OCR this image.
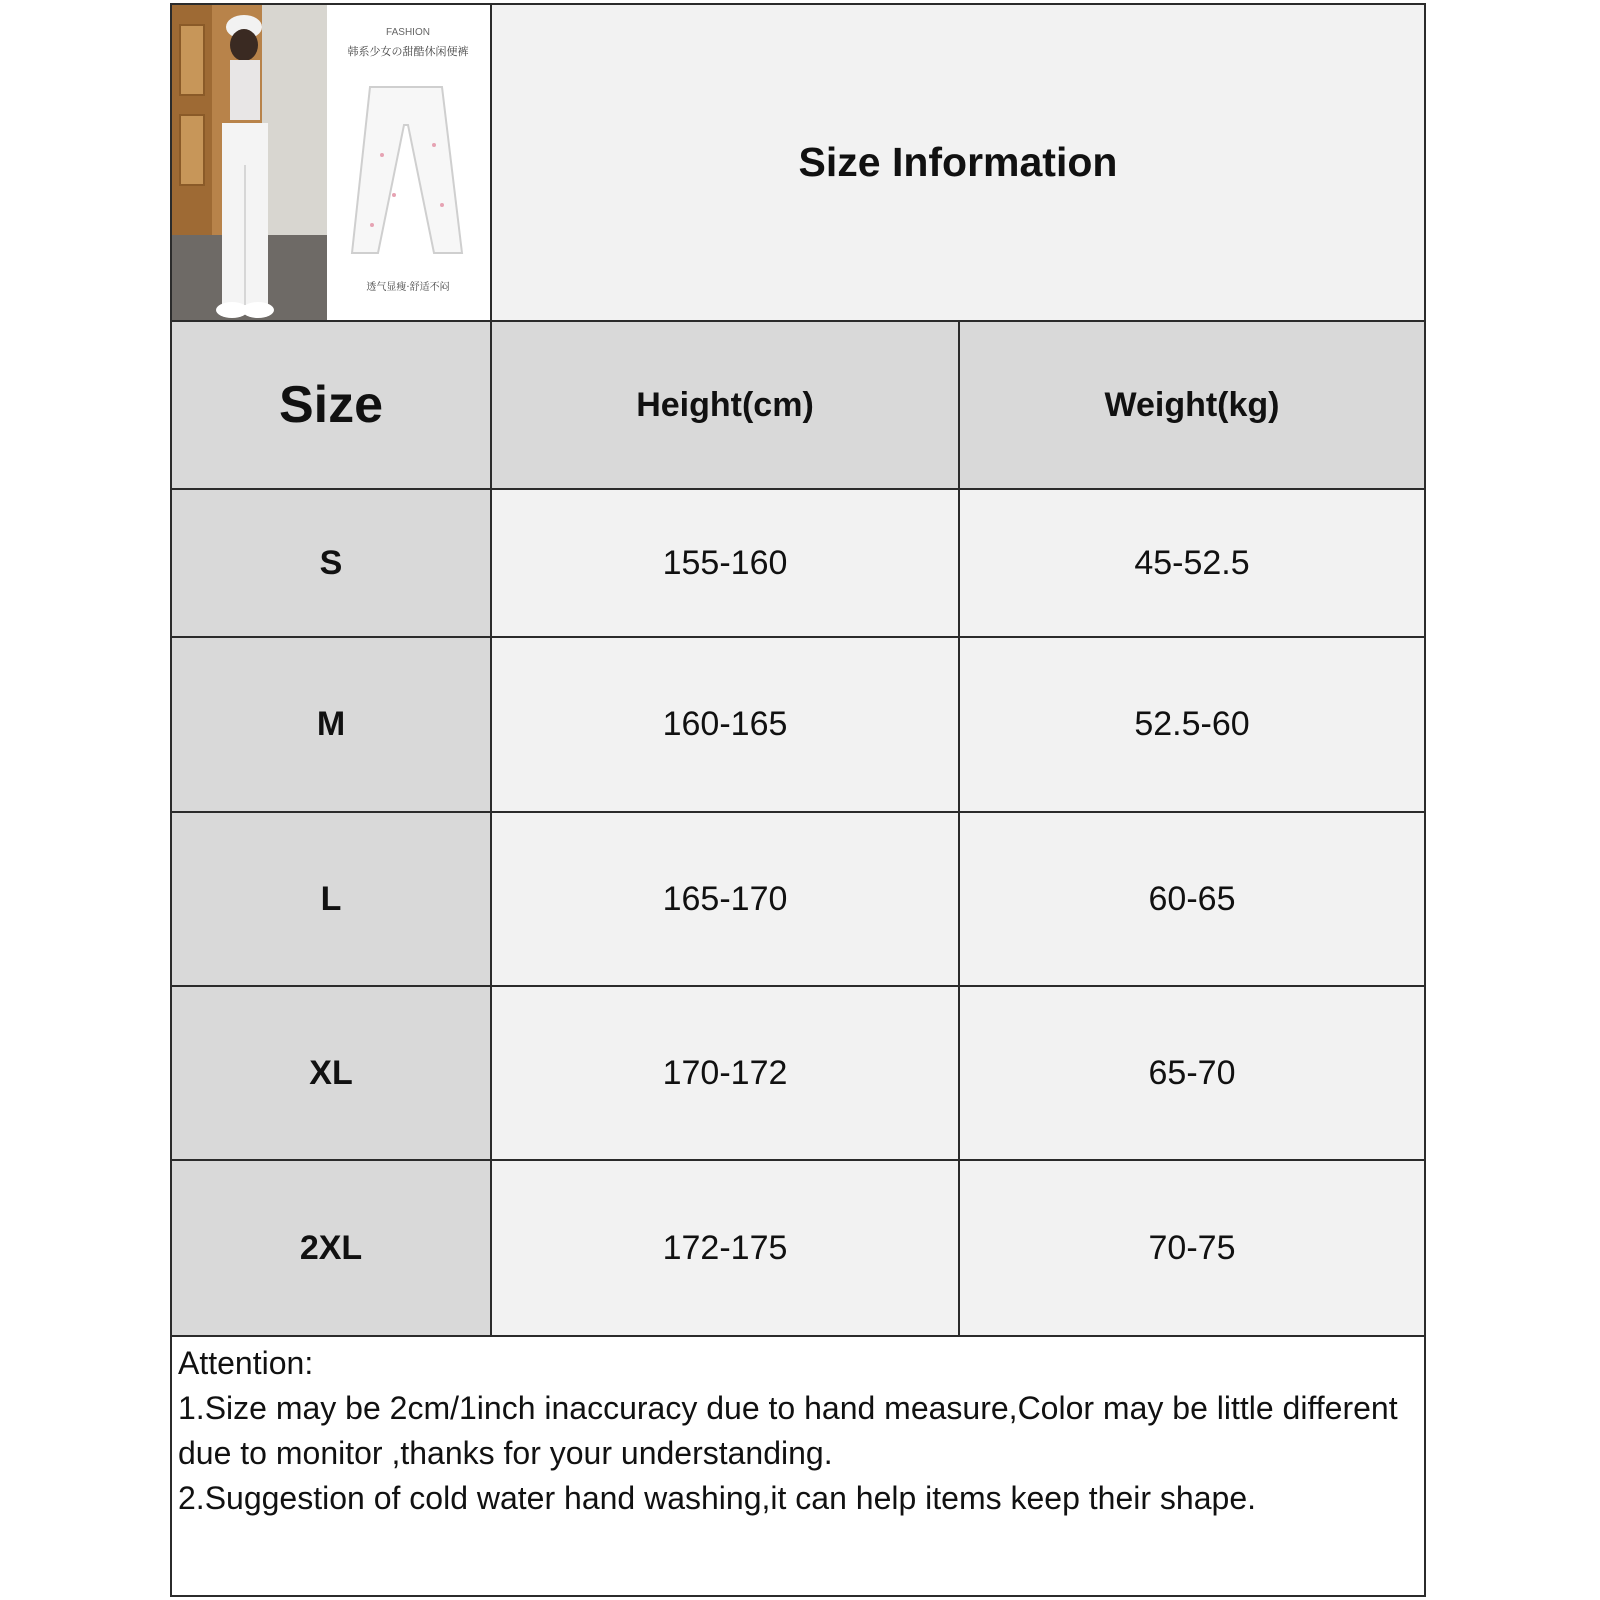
FASHION
韩系少女の甜酷休闲便裤
透气显瘦·舒适不闷
Size Information
Size	Height(cm)	Weight(kg)
S	155-160	45-52.5
M	160-165	52.5-60
L	165-170	60-65
XL	170-172	65-70
2XL	172-175	70-75
Attention:
1.Size may be 2cm/1inch inaccuracy due to hand measure,Color may be little different due to monitor ,thanks for your understanding.
2.Suggestion of cold water hand washing,it can help items keep their shape.
